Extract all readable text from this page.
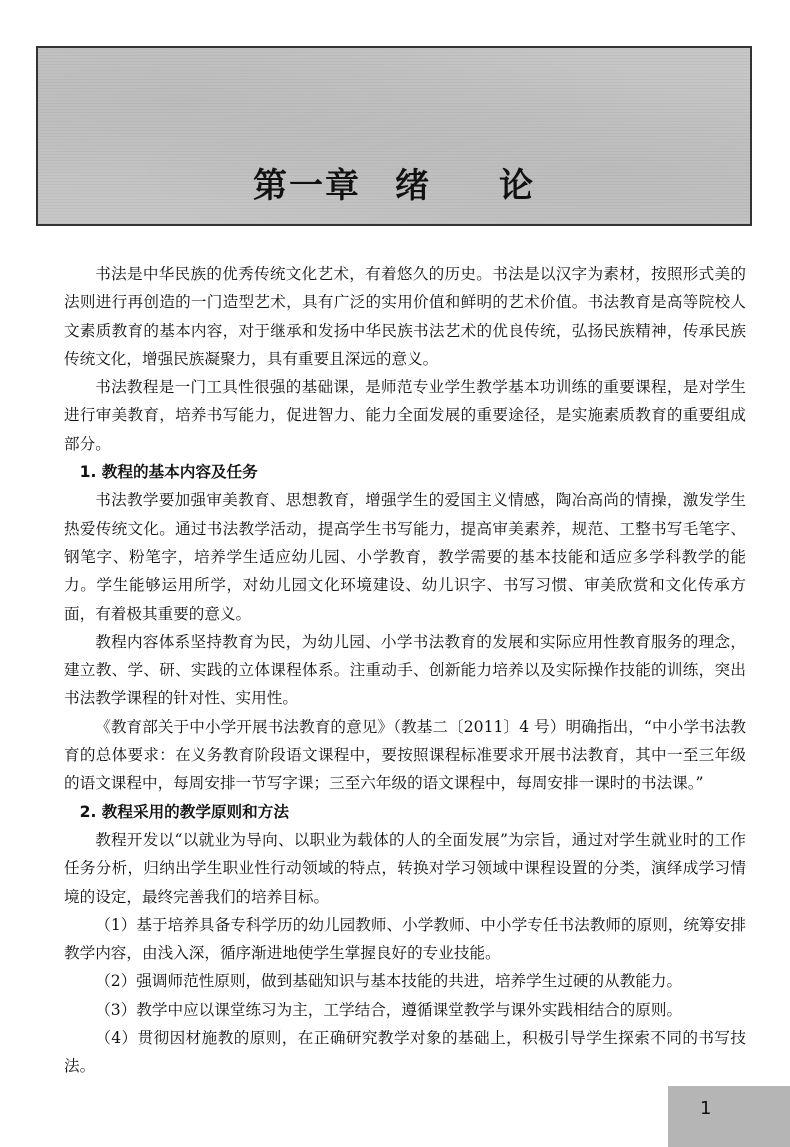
第一章 绪 论

书法是中华民族的优秀传统文化艺术，有着悠久的历史。书法是以汉字为素材，按照形式美的法则进行再创造的一门造型艺术，具有广泛的实用价值和鲜明的艺术价值。书法教育是高等院校人文素质教育的基本内容，对于继承和发扬中华民族书法艺术的优良传统，弘扬民族精神，传承民族传统文化，增强民族凝聚力，具有重要且深远的意义。

书法教程是一门工具性很强的基础课，是师范专业学生教学基本功训练的重要课程，是对学生进行审美教育，培养书写能力，促进智力、能力全面发展的重要途径，是实施素质教育的重要组成部分。

1. 教程的基本内容及任务

书法教学要加强审美教育、思想教育，增强学生的爱国主义情感，陶冶高尚的情操，激发学生热爱传统文化。通过书法教学活动，提高学生书写能力，提高审美素养，规范、工整书写毛笔字、钢笔字、粉笔字，培养学生适应幼儿园、小学教育，教学需要的基本技能和适应多学科教学的能力。学生能够运用所学，对幼儿园文化环境建设、幼儿识字、书写习惯、审美欣赏和文化传承方面，有着极其重要的意义。

教程内容体系坚持教育为民，为幼儿园、小学书法教育的发展和实际应用性教育服务的理念，建立教、学、研、实践的立体课程体系。注重动手、创新能力培养以及实际操作技能的训练，突出书法教学课程的针对性、实用性。

《教育部关于中小学开展书法教育的意见》（教基二〔2011〕4 号）明确指出，“中小学书法教育的总体要求：在义务教育阶段语文课程中，要按照课程标准要求开展书法教育，其中一至三年级的语文课程中，每周安排一节写字课；三至六年级的语文课程中，每周安排一课时的书法课。”

2. 教程采用的教学原则和方法

教程开发以“以就业为导向、以职业为载体的人的全面发展”为宗旨，通过对学生就业时的工作任务分析，归纳出学生职业性行动领域的特点，转换对学习领域中课程设置的分类，演绎成学习情境的设定，最终完善我们的培养目标。

（1）基于培养具备专科学历的幼儿园教师、小学教师、中小学专任书法教师的原则，统筹安排教学内容，由浅入深，循序渐进地使学生掌握良好的专业技能。

（2）强调师范性原则，做到基础知识与基本技能的共进，培养学生过硬的从教能力。

（3）教学中应以课堂练习为主，工学结合，遵循课堂教学与课外实践相结合的原则。

（4）贯彻因材施教的原则，在正确研究教学对象的基础上，积极引导学生探索不同的书写技法。

1
